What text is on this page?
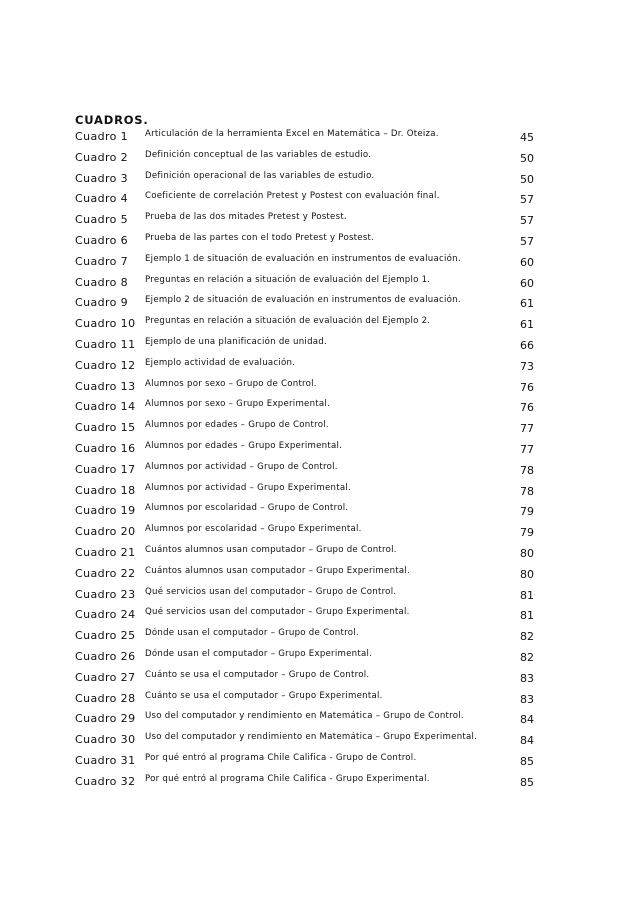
CUADROS.
Cuadro 1 Articulación de la herramienta Excel en Matemática – Dr. Oteiza.	45
Cuadro 2 Definición conceptual de las variables de estudio.	50
Cuadro 3 Definición operacional de las variables de estudio.	50
Cuadro 4 Coeficiente de correlación Pretest y Postest con evaluación final.	57
Cuadro 5 Prueba de las dos mitades Pretest y Postest.	57
Cuadro 6 Prueba de las partes con el todo Pretest y Postest.	57
Cuadro 7 Ejemplo 1 de situación de evaluación en instrumentos de evaluación.	60
Cuadro 8 Preguntas en relación a situación de evaluación del Ejemplo 1.	60
Cuadro 9 Ejemplo 2 de situación de evaluación en instrumentos de evaluación.	61
Cuadro 10 Preguntas en relación a situación de evaluación del Ejemplo 2.	61
Cuadro 11 Ejemplo de una planificación de unidad.	66
Cuadro 12 Ejemplo actividad de evaluación.	73
Cuadro 13 Alumnos por sexo – Grupo de Control.	76
Cuadro 14 Alumnos por sexo – Grupo Experimental.	76
Cuadro 15 Alumnos por edades – Grupo de Control.	77
Cuadro 16 Alumnos por edades – Grupo Experimental.	77
Cuadro 17 Alumnos por actividad – Grupo de Control.	78
Cuadro 18 Alumnos por actividad – Grupo Experimental.	78
Cuadro 19 Alumnos por escolaridad – Grupo de Control.	79
Cuadro 20 Alumnos por escolaridad – Grupo Experimental.	79
Cuadro 21 Cuántos alumnos usan computador – Grupo de Control.	80
Cuadro 22 Cuántos alumnos usan computador – Grupo Experimental.	80
Cuadro 23 Qué servicios usan del computador – Grupo de Control.	81
Cuadro 24 Qué servicios usan del computador – Grupo Experimental.	81
Cuadro 25 Dónde usan el computador – Grupo de Control.	82
Cuadro 26 Dónde usan el computador – Grupo Experimental.	82
Cuadro 27 Cuánto se usa el computador – Grupo de Control.	83
Cuadro 28 Cuánto se usa el computador – Grupo Experimental.	83
Cuadro 29 Uso del computador y rendimiento en Matemática – Grupo de Control.	84
Cuadro 30 Uso del computador y rendimiento en Matemática – Grupo Experimental.	84
Cuadro 31 Por qué entró al programa Chile Califica - Grupo de Control.	85
Cuadro 32 Por qué entró al programa Chile Califica - Grupo Experimental.	85
